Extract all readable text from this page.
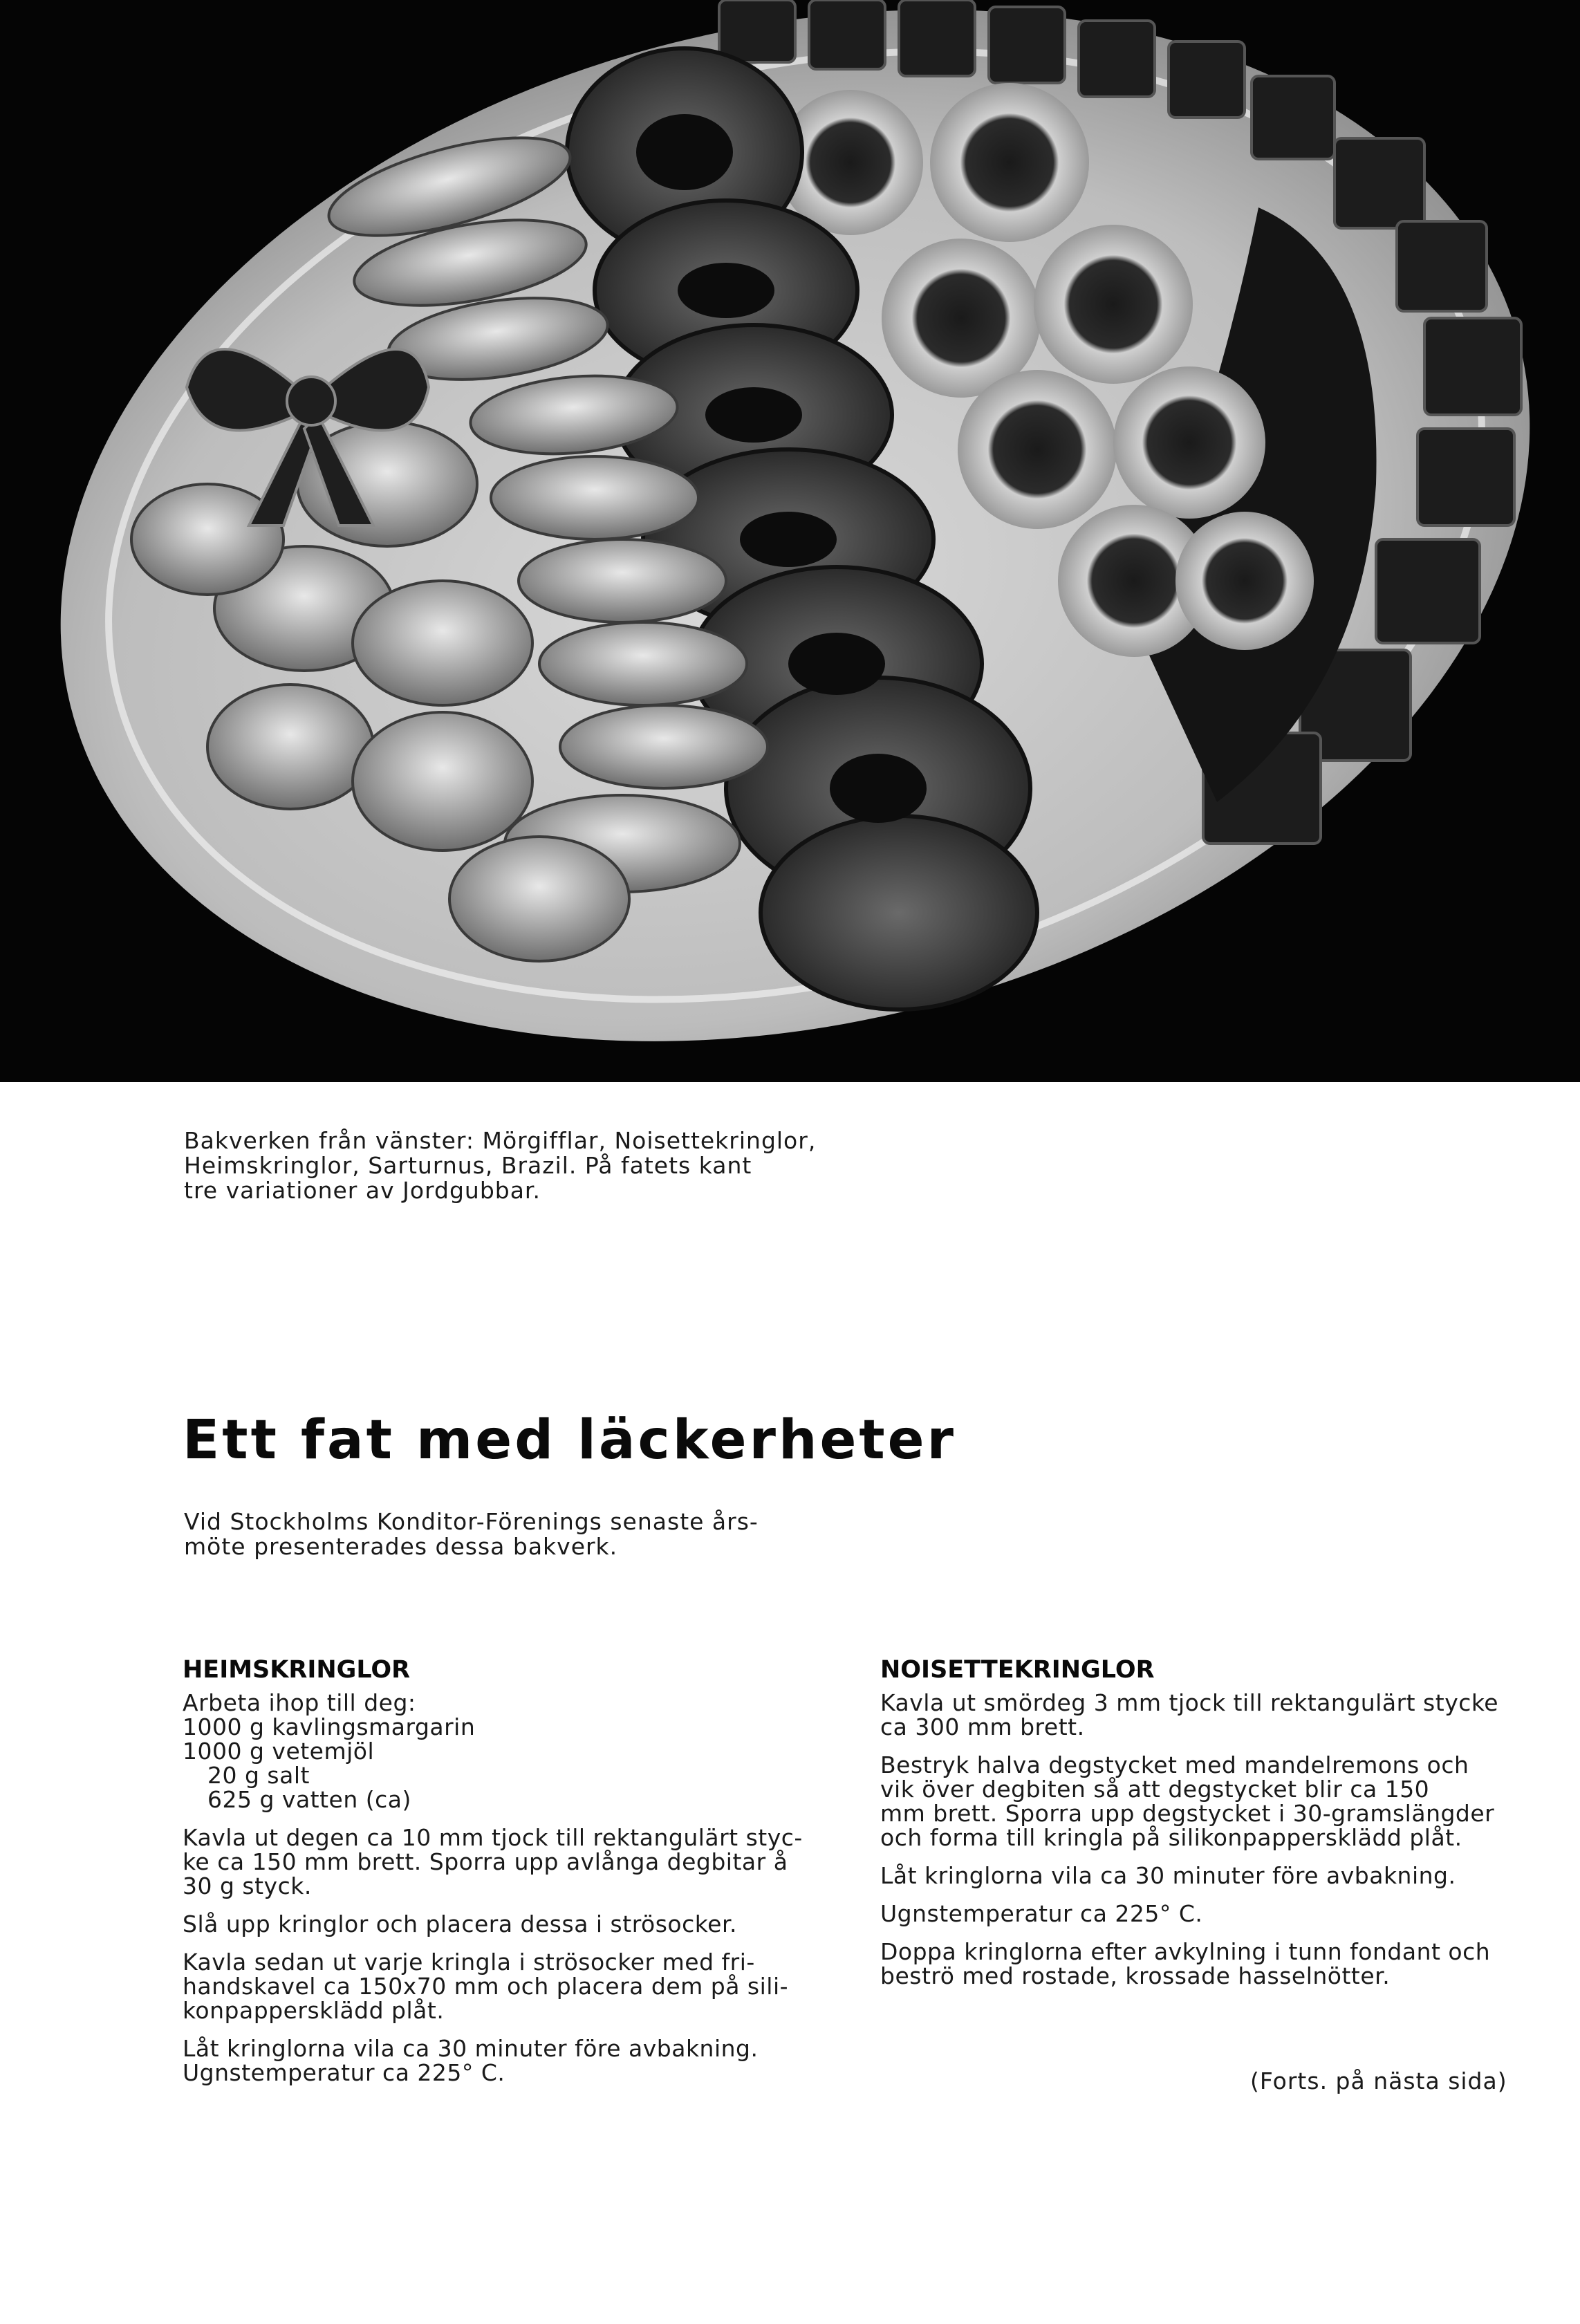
Bakverken från vänster: Mörgifflar, Noisettekringlor,
Heimskringlor, Sarturnus, Brazil. På fatets kant
tre variationer av Jordgubbar.
Ett fat med läckerheter
Vid Stockholms Konditor-Förenings senaste års-
möte presenterades dessa bakverk.
HEIMSKRINGLOR
Arbeta ihop till deg:
1000 g kavlingsmargarin
1000 g vetemjöl
20 g salt
625 g vatten (ca)

Kavla ut degen ca 10 mm tjock till rektangulärt styc-
ke ca 150 mm brett. Sporra upp avlånga degbitar å
30 g styck.

Slå upp kringlor och placera dessa i strösocker.

Kavla sedan ut varje kringla i strösocker med fri-
handskavel ca 150x70 mm och placera dem på sili-
konpappersklädd plåt.

Låt kringlorna vila ca 30 minuter före avbakning.
Ugnstemperatur ca 225° C.

NOISETTEKRINGLOR

Kavla ut smördeg 3 mm tjock till rektangulärt stycke
ca 300 mm brett.

Bestryk halva degstycket med mandelremons och
vik över degbiten så att degstycket blir ca 150
mm brett. Sporra upp degstycket i 30-gramslängder
och forma till kringla på silikonpappersklädd plåt.

Låt kringlorna vila ca 30 minuter före avbakning.

Ugnstemperatur ca 225° C.

Doppa kringlorna efter avkylning i tunn fondant och
beströ med rostade, krossade hasselnötter.

(Forts. på nästa sida)
